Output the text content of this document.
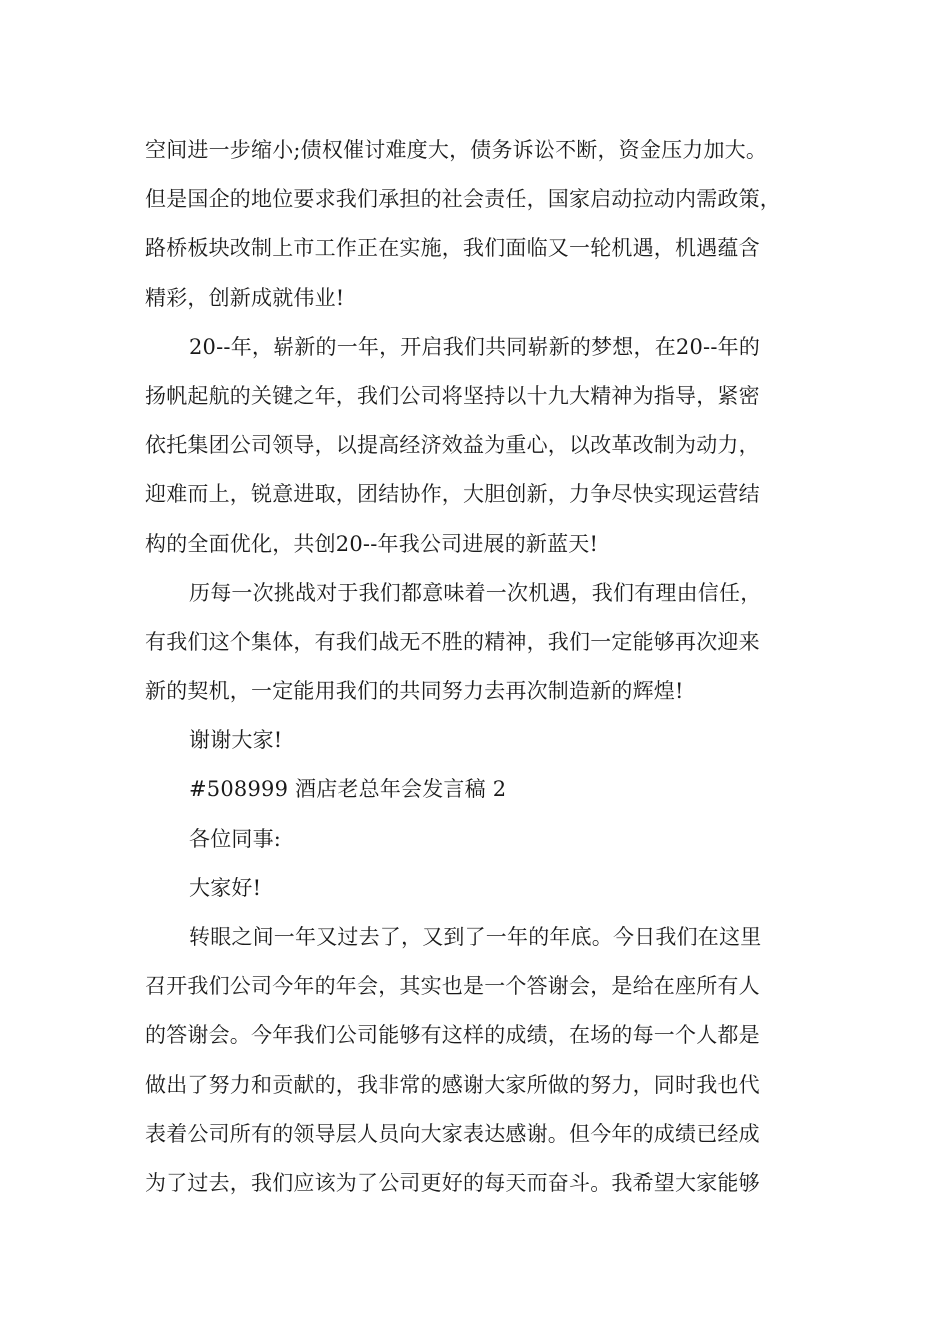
空间进一步缩小;债权催讨难度大，债务诉讼不断，资金压力加大。
但是国企的地位要求我们承担的社会责任，国家启动拉动内需政策，
路桥板块改制上市工作正在实施，我们面临又一轮机遇，机遇蕴含
精彩，创新成就伟业!
20--年，崭新的一年，开启我们共同崭新的梦想，在20--年的
扬帆起航的关键之年，我们公司将坚持以十九大精神为指导，紧密
依托集团公司领导，以提高经济效益为重心，以改革改制为动力，
迎难而上，锐意进取，团结协作，大胆创新，力争尽快实现运营结
构的全面优化，共创20--年我公司进展的新蓝天!
历每一次挑战对于我们都意味着一次机遇，我们有理由信任，
有我们这个集体，有我们战无不胜的精神，我们一定能够再次迎来
新的契机，一定能用我们的共同努力去再次制造新的辉煌!
谢谢大家!
#508999 酒店老总年会发言稿 2
各位同事:
大家好!
转眼之间一年又过去了，又到了一年的年底。今日我们在这里
召开我们公司今年的年会，其实也是一个答谢会，是给在座所有人
的答谢会。今年我们公司能够有这样的成绩，在场的每一个人都是
做出了努力和贡献的，我非常的感谢大家所做的努力，同时我也代
表着公司所有的领导层人员向大家表达感谢。但今年的成绩已经成
为了过去，我们应该为了公司更好的每天而奋斗。我希望大家能够
